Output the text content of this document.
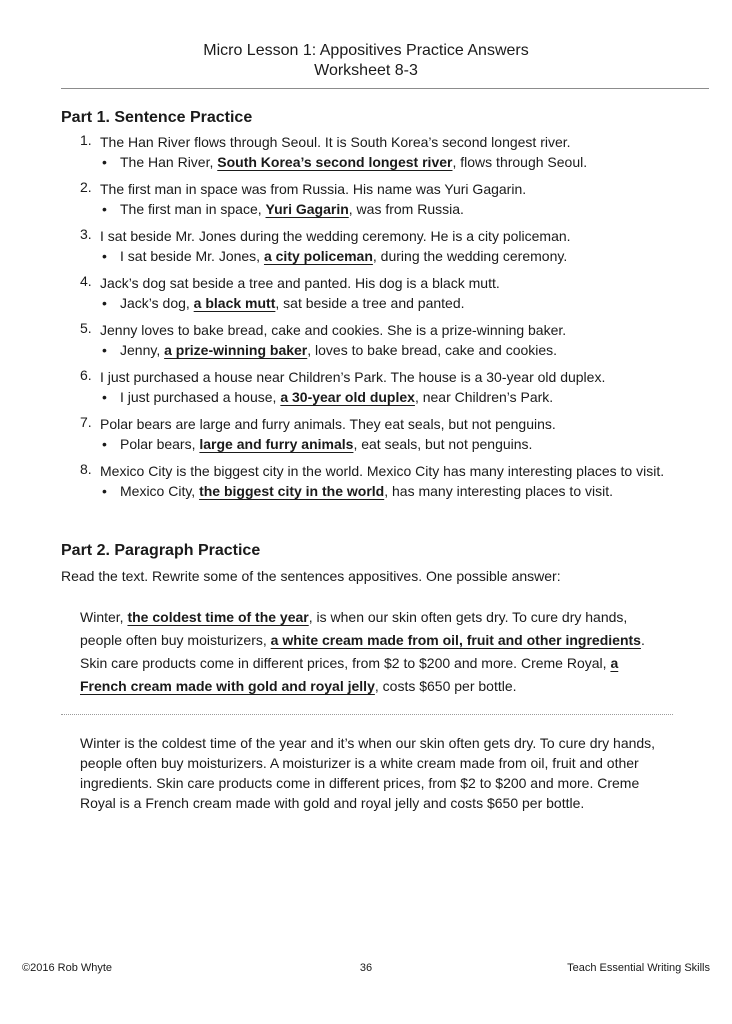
Micro Lesson 1: Appositives Practice Answers
Worksheet 8-3
Part 1. Sentence Practice
1. The Han River flows through Seoul. It is South Korea’s second longest river.
• The Han River, South Korea’s second longest river, flows through Seoul.
2. The first man in space was from Russia. His name was Yuri Gagarin.
• The first man in space, Yuri Gagarin, was from Russia.
3. I sat beside Mr. Jones during the wedding ceremony. He is a city policeman.
• I sat beside Mr. Jones, a city policeman, during the wedding ceremony.
4. Jack’s dog sat beside a tree and panted. His dog is a black mutt.
• Jack’s dog, a black mutt, sat beside a tree and panted.
5. Jenny loves to bake bread, cake and cookies. She is a prize-winning baker.
• Jenny, a prize-winning baker, loves to bake bread, cake and cookies.
6. I just purchased a house near Children’s Park. The house is a 30-year old duplex.
• I just purchased a house, a 30-year old duplex, near Children’s Park.
7. Polar bears are large and furry animals. They eat seals, but not penguins.
• Polar bears, large and furry animals, eat seals, but not penguins.
8. Mexico City is the biggest city in the world. Mexico City has many interesting places to visit.
• Mexico City, the biggest city in the world, has many interesting places to visit.
Part 2. Paragraph Practice
Read the text. Rewrite some of the sentences appositives. One possible answer:
Winter, the coldest time of the year, is when our skin often gets dry. To cure dry hands, people often buy moisturizers, a white cream made from oil, fruit and other ingredients. Skin care products come in different prices, from $2 to $200 and more. Creme Royal, a French cream made with gold and royal jelly, costs $650 per bottle.
Winter is the coldest time of the year and it’s when our skin often gets dry. To cure dry hands, people often buy moisturizers. A moisturizer is a white cream made from oil, fruit and other ingredients. Skin care products come in different prices, from $2 to $200 and more. Creme Royal is a French cream made with gold and royal jelly and costs $650 per bottle.
©2016 Rob Whyte	36	Teach Essential Writing Skills
